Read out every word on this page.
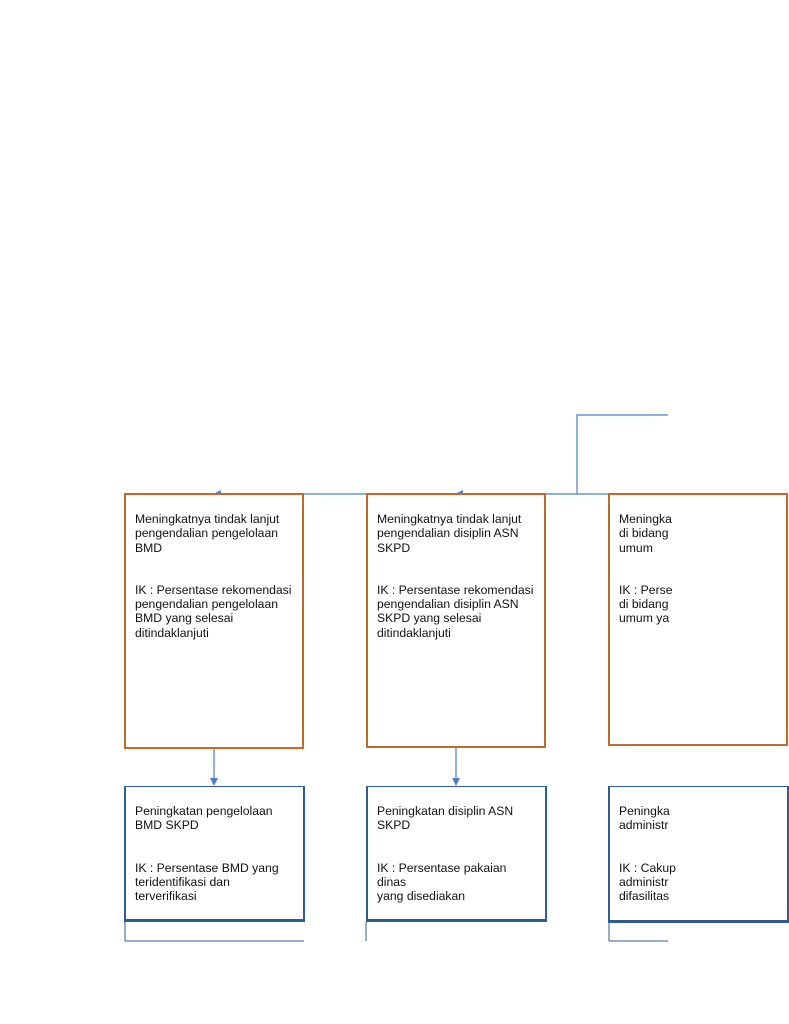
Meningkatnya tindak lanjut
pengendalian pengelolaan
BMD

IK : Persentase rekomendasi
pengendalian pengelolaan
BMD yang selesai
ditindaklanjuti

Peningkatan pengelolaan
BMD SKPD

IK : Persentase BMD yang
teridentifikasi dan
terverifikasi

Meningkatnya tindak lanjut
pengendalian disiplin ASN
SKPD

IK : Persentase rekomendasi
pengendalian disiplin ASN
SKPD yang selesai
ditindaklanjuti

Peningkatan disiplin ASN
SKPD

IK : Persentase pakaian dinas
yang disediakan

Meningka
di bidang
umum

IK : Perse
di bidang
umum ya

Peningka
administr

IK : Cakup
administr
difasilitas
